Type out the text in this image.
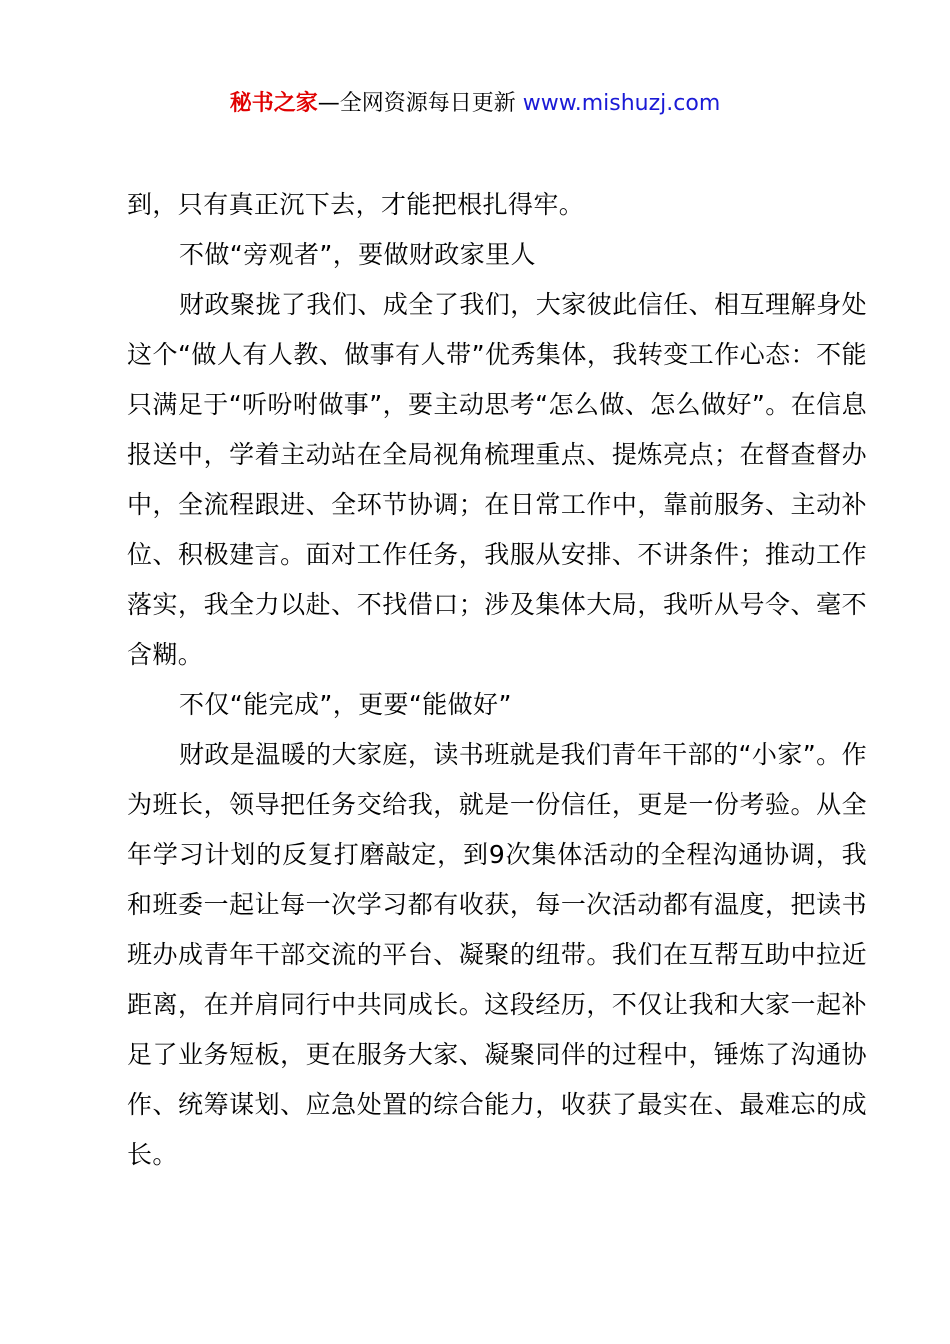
秘书之家—全网资源每日更新 www.mishuzj.com

到，只有真正沉下去，才能把根扎得牢。

不做“旁观者”，要做财政家里人

财政聚拢了我们、成全了我们，大家彼此信任、相互理解身处这个“做人有人教、做事有人带”优秀集体，我转变工作心态：不能只满足于“听吩咐做事”，要主动思考“怎么做、怎么做好”。在信息报送中，学着主动站在全局视角梳理重点、提炼亮点；在督查督办中，全流程跟进、全环节协调；在日常工作中，靠前服务、主动补位、积极建言。面对工作任务，我服从安排、不讲条件；推动工作落实，我全力以赴、不找借口；涉及集体大局，我听从号令、毫不含糊。

不仅“能完成”，更要“能做好”

财政是温暖的大家庭，读书班就是我们青年干部的“小家”。作为班长，领导把任务交给我，就是一份信任，更是一份考验。从全年学习计划的反复打磨敲定，到9次集体活动的全程沟通协调，我和班委一起让每一次学习都有收获，每一次活动都有温度，把读书班办成青年干部交流的平台、凝聚的纽带。我们在互帮互助中拉近距离，在并肩同行中共同成长。这段经历，不仅让我和大家一起补足了业务短板，更在服务大家、凝聚同伴的过程中，锤炼了沟通协作、统筹谋划、应急处置的综合能力，收获了最实在、最难忘的成长。
